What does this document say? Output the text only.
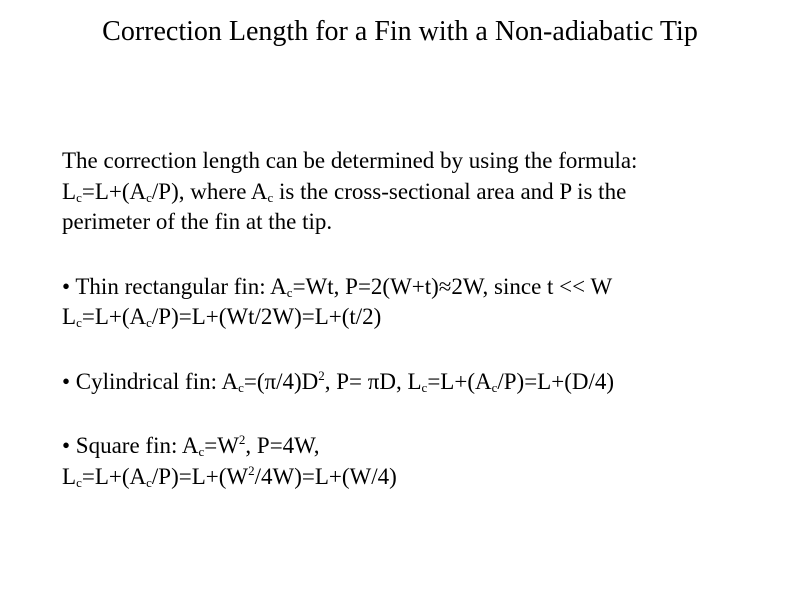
Correction Length for a Fin with a Non-adiabatic Tip
The correction length can be determined by using the formula:
$L_c=L+(A_c/P)$, where $A_c$ is the cross-sectional area and P is the
perimeter of the fin at the tip.
• Thin rectangular fin: $A_c=Wt$, P=2(W+t)≈2W, since t << W
$L_c=L+(A_c/P)=L+(Wt/2W)=L+(t/2)$
• Cylindrical fin: $A_c=(\pi/4)D^2$, P= πD, $L_c=L+(A_c/P)=L+(D/4)$
• Square fin: $A_c=W^2$, P=4W,
$L_c=L+(A_c/P)=L+(W^2/4W)=L+(W/4)$
